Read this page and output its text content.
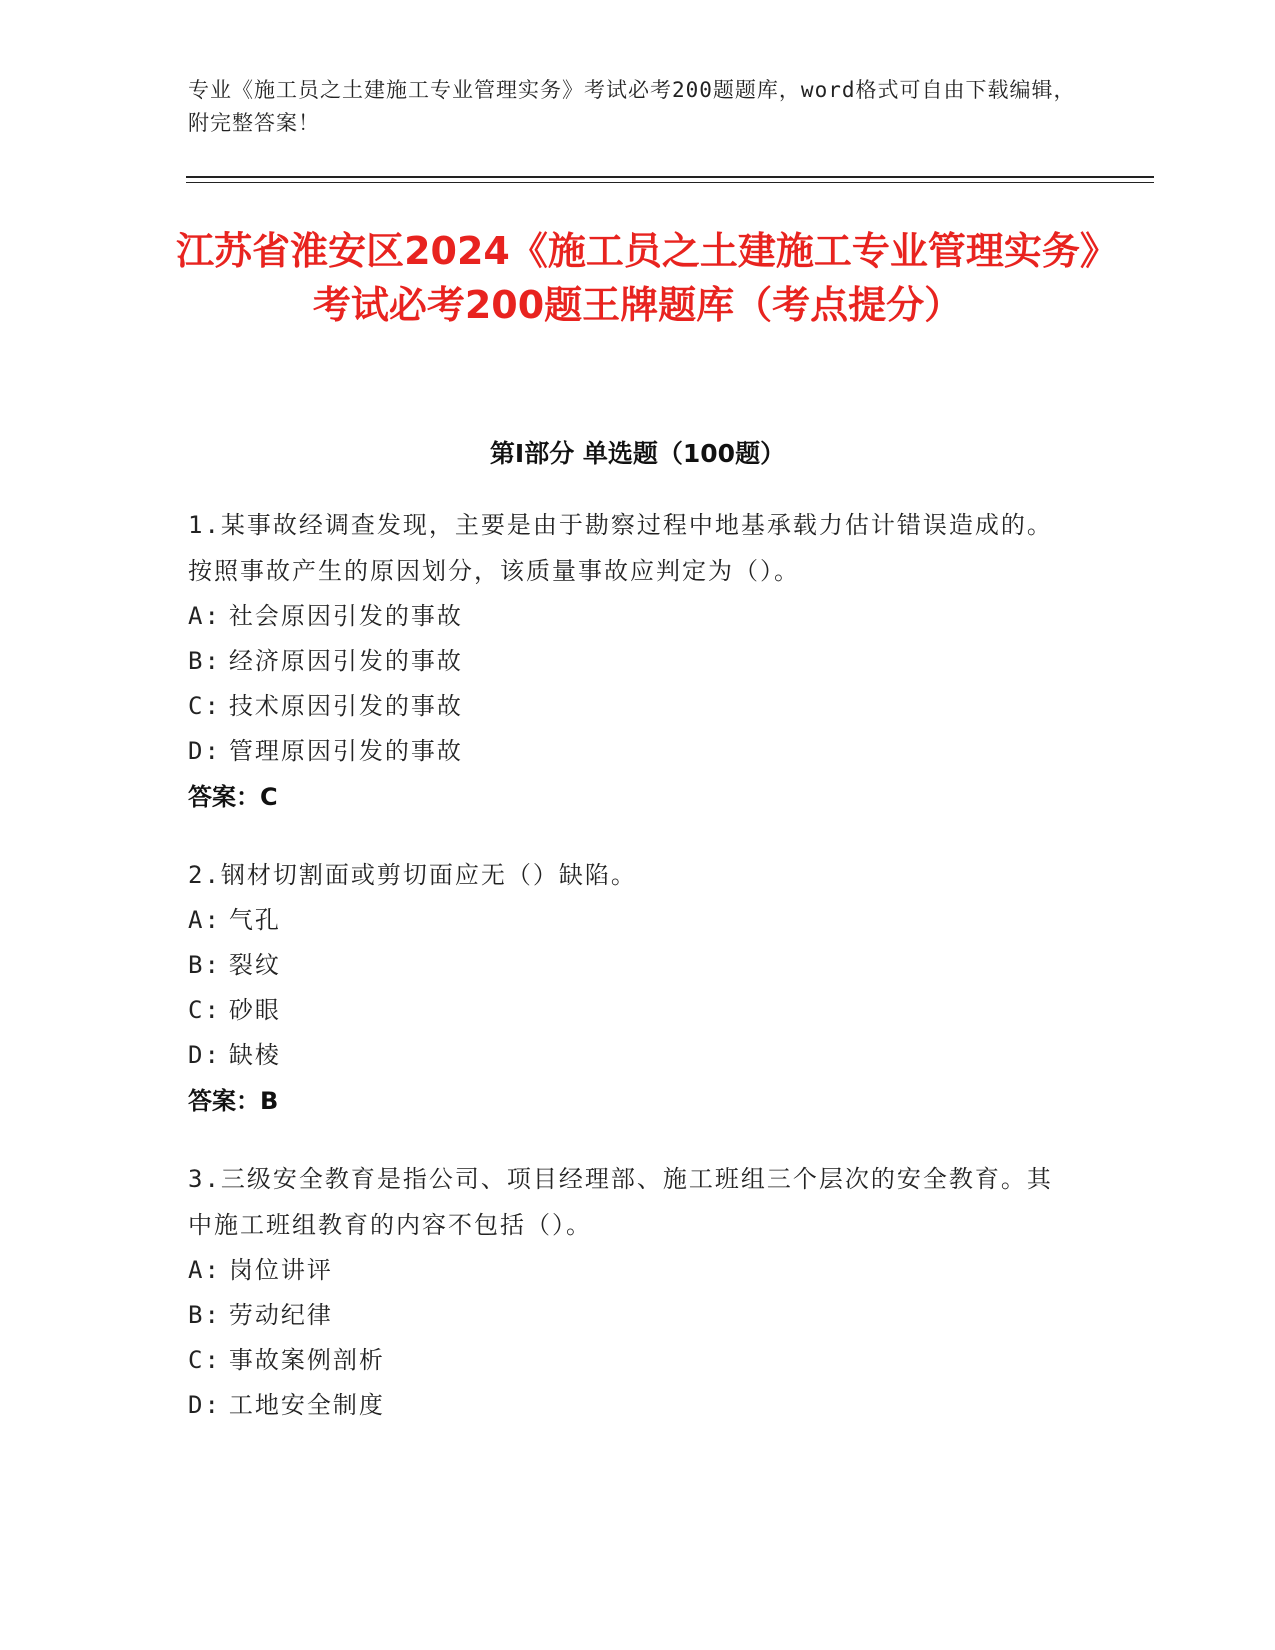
专业《施工员之土建施工专业管理实务》考试必考200题题库，word格式可自由下载编辑，附完整答案！
江苏省淮安区2024《施工员之土建施工专业管理实务》考试必考200题王牌题库（考点提分）
第Ⅰ部分 单选题（100题）

1.某事故经调查发现，主要是由于勘察过程中地基承载力估计错误造成的。按照事故产生的原因划分，该质量事故应判定为（）。

A: 社会原因引发的事故
B: 经济原因引发的事故
C: 技术原因引发的事故
D: 管理原因引发的事故
答案：C

2.钢材切割面或剪切面应无（）缺陷。

A: 气孔
B: 裂纹
C: 砂眼
D: 缺棱
答案：B

3.三级安全教育是指公司、项目经理部、施工班组三个层次的安全教育。其中施工班组教育的内容不包括（）。

A: 岗位讲评
B: 劳动纪律
C: 事故案例剖析
D: 工地安全制度
